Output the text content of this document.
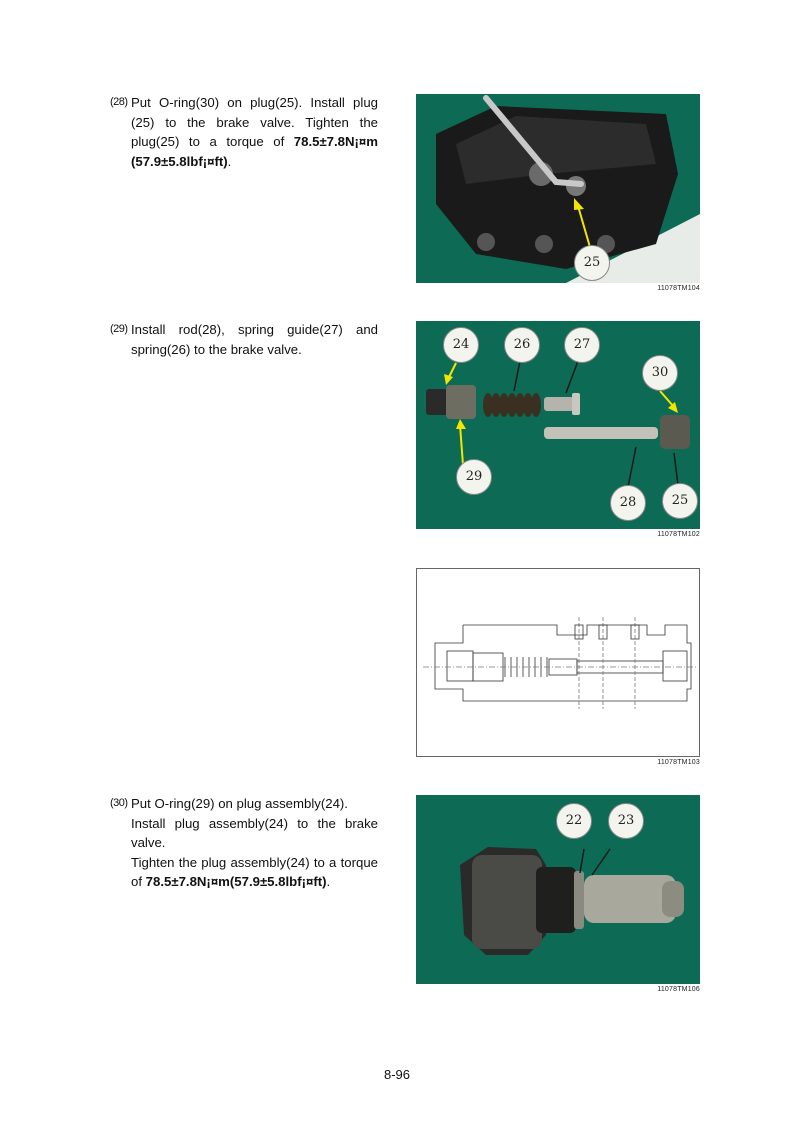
(28) Put O-ring(30) on plug(25). Install plug (25) to the brake valve. Tighten the plug(25) to a torque of 78.5±7.8N¡¤m (57.9±5.8lbf¡¤ft).
25
11078TM104
(29) Install rod(28), spring guide(27) and spring(26) to the brake valve.	24	26	27
30
29
28	25
11078TM102
11078TM103
(30) Put O-ring(29) on plug assembly(24).

Install plug assembly(24) to the brake valve.

Tighten the plug assembly(24) to a torque of 78.5±7.8N¡¤m(57.9±5.8lbf¡¤ft).

22	23
11078TM106
8-96
